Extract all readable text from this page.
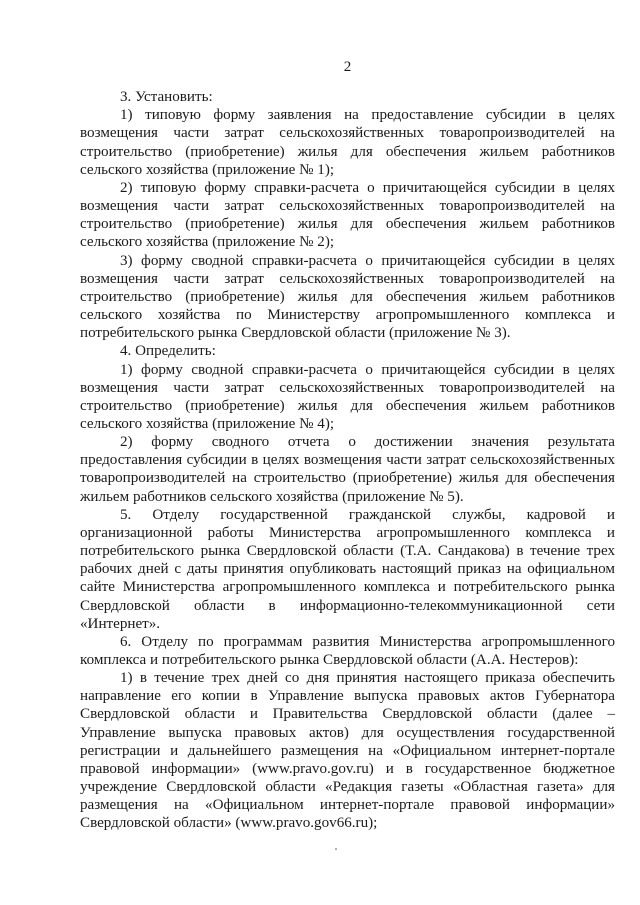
2

3. Установить:

1) типовую форму заявления на предоставление субсидии в целях возмещения части затрат сельскохозяйственных товаропроизводителей на строительство (приобретение) жилья для обеспечения жильем работников сельского хозяйства (приложение № 1);

2) типовую форму справки-расчета о причитающейся субсидии в целях возмещения части затрат сельскохозяйственных товаропроизводителей на строительство (приобретение) жилья для обеспечения жильем работников сельского хозяйства (приложение № 2);

3) форму сводной справки-расчета о причитающейся субсидии в целях возмещения части затрат сельскохозяйственных товаропроизводителей на строительство (приобретение) жилья для обеспечения жильем работников сельского хозяйства по Министерству агропромышленного комплекса и потребительского рынка Свердловской области (приложение № 3).

4. Определить:

1) форму сводной справки-расчета о причитающейся субсидии в целях возмещения части затрат сельскохозяйственных товаропроизводителей на строительство (приобретение) жилья для обеспечения жильем работников сельского хозяйства (приложение № 4);

2) форму сводного отчета о достижении значения результата предоставления субсидии в целях возмещения части затрат сельскохозяйственных товаропроизводителей на строительство (приобретение) жилья для обеспечения жильем работников сельского хозяйства (приложение № 5).

5. Отделу государственной гражданской службы, кадровой и организационной работы Министерства агропромышленного комплекса и потребительского рынка Свердловской области (Т.А. Сандакова) в течение трех рабочих дней с даты принятия опубликовать настоящий приказ на официальном сайте Министерства агропромышленного комплекса и потребительского рынка Свердловской области в информационно-телекоммуникационной сети «Интернет».

6. Отделу по программам развития Министерства агропромышленного комплекса и потребительского рынка Свердловской области (А.А. Нестеров):

1) в течение трех дней со дня принятия настоящего приказа обеспечить направление его копии в Управление выпуска правовых актов Губернатора Свердловской области и Правительства Свердловской области (далее – Управление выпуска правовых актов) для осуществления государственной регистрации и дальнейшего размещения на «Официальном интернет-портале правовой информации» (www.pravo.gov.ru) и в государственное бюджетное учреждение Свердловской области «Редакция газеты «Областная газета» для размещения на «Официальном интернет-портале правовой информации» Свердловской области» (www.pravo.gov66.ru);
